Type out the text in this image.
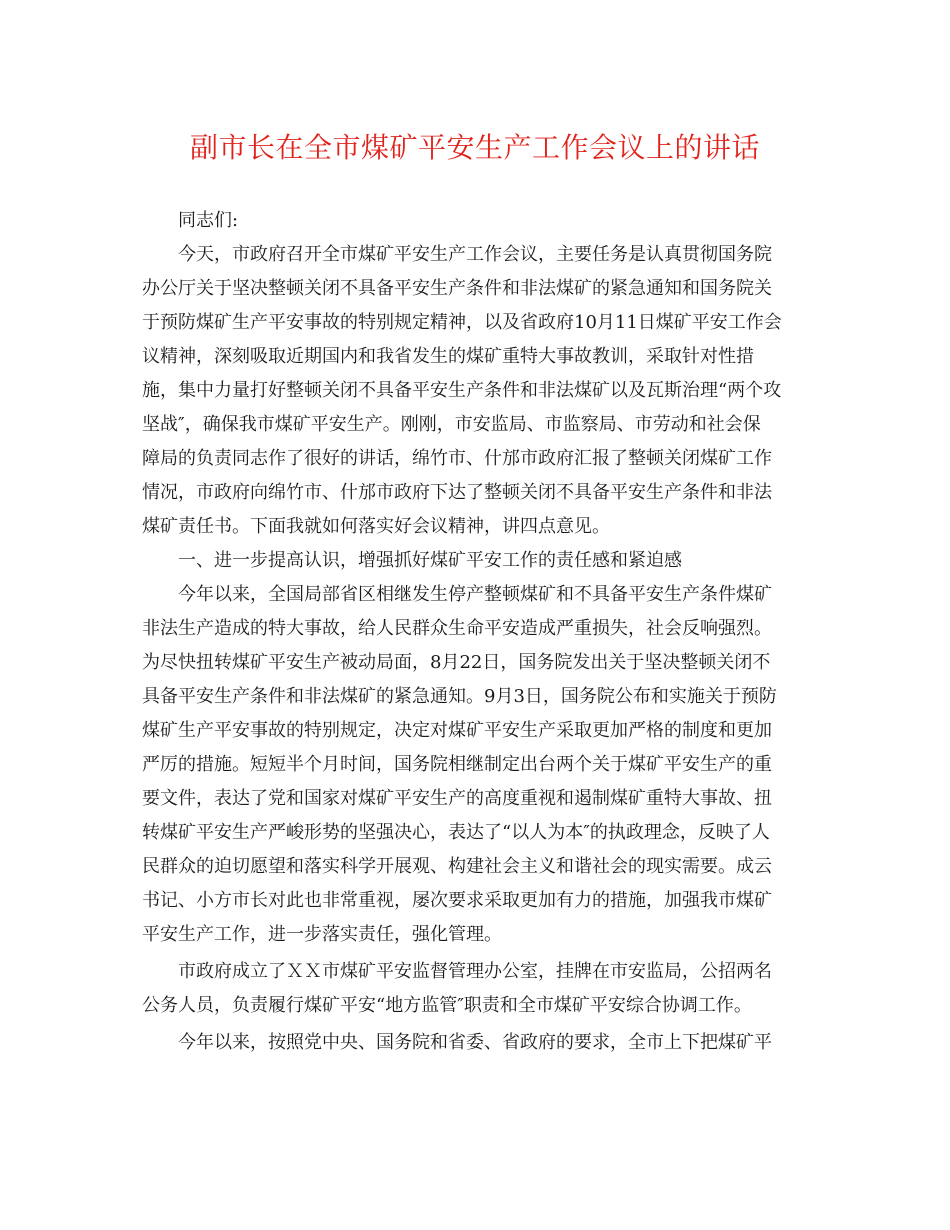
副市长在全市煤矿平安生产工作会议上的讲话
同志们:
今天，市政府召开全市煤矿平安生产工作会议，主要任务是认真贯彻国务院
办公厅关于坚决整顿关闭不具备平安生产条件和非法煤矿的紧急通知和国务院关
于预防煤矿生产平安事故的特别规定精神，以及省政府10月11日煤矿平安工作会
议精神，深刻吸取近期国内和我省发生的煤矿重特大事故教训，采取针对性措
施，集中力量打好整顿关闭不具备平安生产条件和非法煤矿以及瓦斯治理“两个攻
坚战″，确保我市煤矿平安生产。刚刚，市安监局、市监察局、市劳动和社会保
障局的负责同志作了很好的讲话，绵竹市、什邡市政府汇报了整顿关闭煤矿工作
情况，市政府向绵竹市、什邡市政府下达了整顿关闭不具备平安生产条件和非法
煤矿责任书。下面我就如何落实好会议精神，讲四点意见。
一、进一步提高认识，增强抓好煤矿平安工作的责任感和紧迫感
今年以来，全国局部省区相继发生停产整顿煤矿和不具备平安生产条件煤矿
非法生产造成的特大事故，给人民群众生命平安造成严重损失，社会反响强烈。
为尽快扭转煤矿平安生产被动局面，8月22日，国务院发出关于坚决整顿关闭不
具备平安生产条件和非法煤矿的紧急通知。9月3日，国务院公布和实施关于预防
煤矿生产平安事故的特别规定，决定对煤矿平安生产采取更加严格的制度和更加
严厉的措施。短短半个月时间，国务院相继制定出台两个关于煤矿平安生产的重
要文件，表达了党和国家对煤矿平安生产的高度重视和遏制煤矿重特大事故、扭
转煤矿平安生产严峻形势的坚强决心，表达了“以人为本″的执政理念，反映了人
民群众的迫切愿望和落实科学开展观、构建社会主义和谐社会的现实需要。成云
书记、小方市长对此也非常重视，屡次要求采取更加有力的措施，加强我市煤矿
平安生产工作，进一步落实责任，强化管理。
市政府成立了ＸＸ市煤矿平安监督管理办公室，挂牌在市安监局，公招两名
公务人员，负责履行煤矿平安“地方监管″职责和全市煤矿平安综合协调工作。
今年以来，按照党中央、国务院和省委、省政府的要求，全市上下把煤矿平
